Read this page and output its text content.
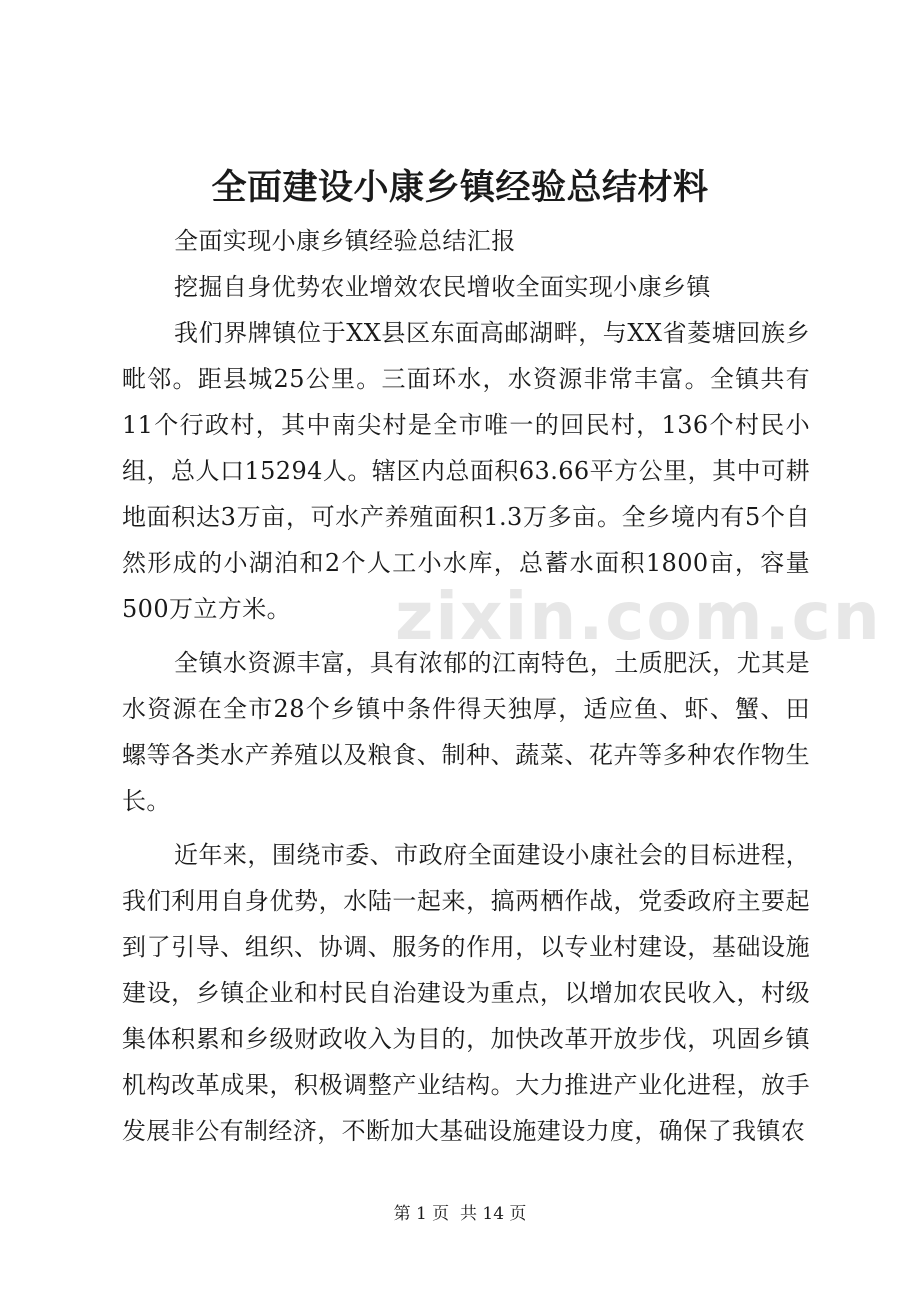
zixin.com.cn
全面建设小康乡镇经验总结材料

全面实现小康乡镇经验总结汇报

挖掘自身优势农业增效农民增收全面实现小康乡镇

我们界牌镇位于XX县区东面高邮湖畔，与XX省菱塘回族乡毗邻。距县城25公里。三面环水，水资源非常丰富。全镇共有11个行政村，其中南尖村是全市唯一的回民村，136个村民小组，总人口15294人。辖区内总面积63.66平方公里，其中可耕地面积达3万亩，可水产养殖面积1.3万多亩。全乡境内有5个自然形成的小湖泊和2个人工小水库，总蓄水面积1800亩，容量500万立方米。

全镇水资源丰富，具有浓郁的江南特色，土质肥沃，尤其是水资源在全市28个乡镇中条件得天独厚，适应鱼、虾、蟹、田螺等各类水产养殖以及粮食、制种、蔬菜、花卉等多种农作物生长。

近年来，围绕市委、市政府全面建设小康社会的目标进程，我们利用自身优势，水陆一起来，搞两栖作战，党委政府主要起到了引导、组织、协调、服务的作用，以专业村建设，基础设施建设，乡镇企业和村民自治建设为重点，以增加农民收入，村级集体积累和乡级财政收入为目的，加快改革开放步伐，巩固乡镇机构改革成果，积极调整产业结构。大力推进产业化进程，放手发展非公有制经济，不断加大基础设施建设力度，确保了我镇农

第 1 页  共 14 页
